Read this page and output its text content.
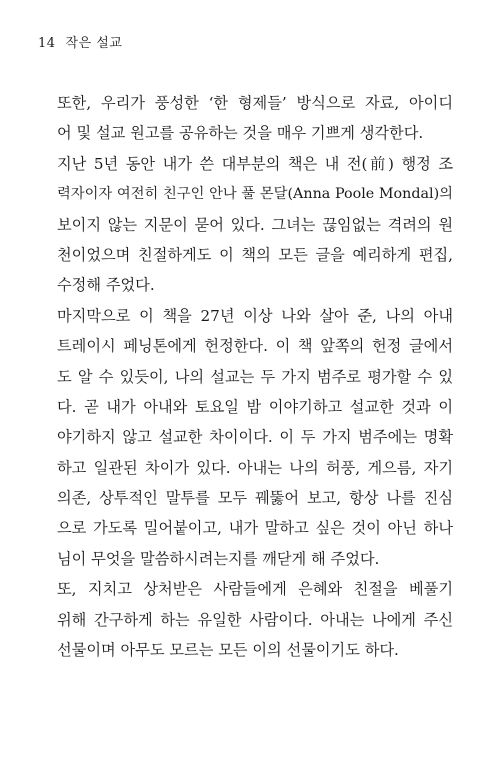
14 작은 설교
또한, 우리가 풍성한 ‘한 형제들’ 방식으로 자료, 아이디
어 및 설교 원고를 공유하는 것을 매우 기쁘게 생각한다.
지난 5년 동안 내가 쓴 대부분의 책은 내 전(前) 행정 조
력자이자 여전히 친구인 안나 풀 몬달(Anna Poole Mondal)의
보이지 않는 지문이 묻어 있다. 그녀는 끊임없는 격려의 원
천이었으며 친절하게도 이 책의 모든 글을 예리하게 편집,
수정해 주었다.
마지막으로 이 책을 27년 이상 나와 살아 준, 나의 아내
트레이시 페닝톤에게 헌정한다. 이 책 앞쪽의 헌정 글에서
도 알 수 있듯이, 나의 설교는 두 가지 범주로 평가할 수 있
다. 곧 내가 아내와 토요일 밤 이야기하고 설교한 것과 이
야기하지 않고 설교한 차이이다. 이 두 가지 범주에는 명확
하고 일관된 차이가 있다. 아내는 나의 허풍, 게으름, 자기
의존, 상투적인 말투를 모두 꿰뚫어 보고, 항상 나를 진심
으로 가도록 밀어붙이고, 내가 말하고 싶은 것이 아닌 하나
님이 무엇을 말씀하시려는지를 깨닫게 해 주었다.
또, 지치고 상처받은 사람들에게 은혜와 친절을 베풀기
위해 간구하게 하는 유일한 사람이다. 아내는 나에게 주신
선물이며 아무도 모르는 모든 이의 선물이기도 하다.
